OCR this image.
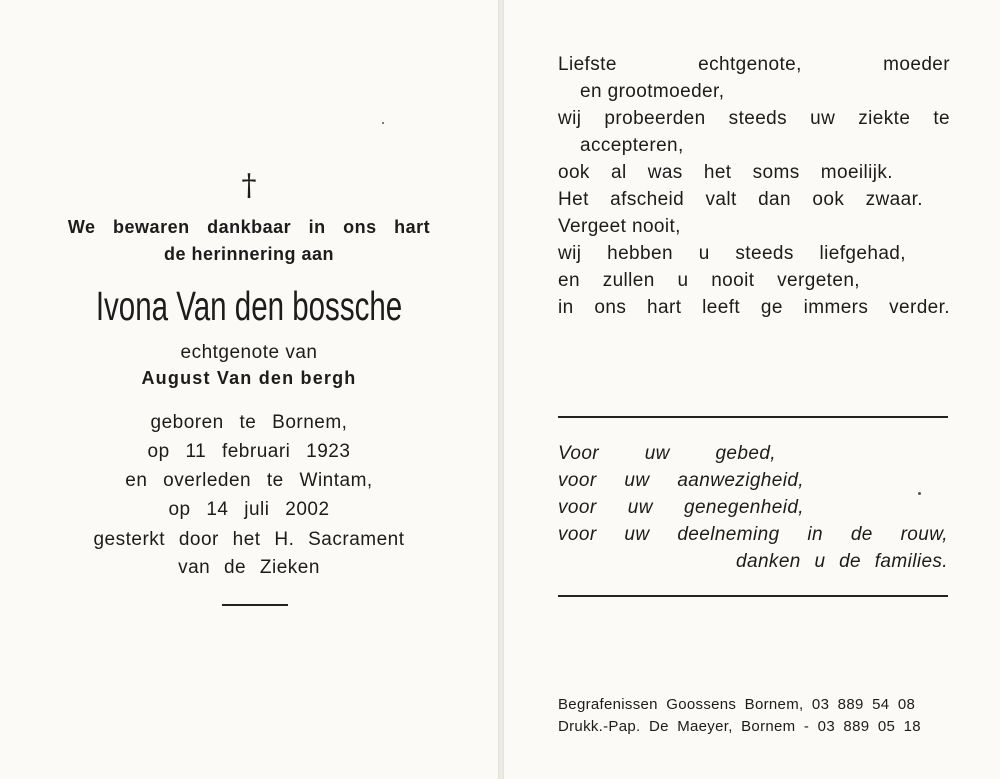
†
We bewaren dankbaar in ons hart
de herinnering aan
Ivona Van den bossche
echtgenote van
August Van den bergh
geboren te Bornem,
op 11 februari 1923
en overleden te Wintam,
op 14 juli 2002
gesterkt door het H. Sacrament
van de Zieken
Liefste	echtgenote,	moeder
en grootmoeder,
wij probeerden steeds uw ziekte te
accepteren,
ook al was het soms moeilijk.
Het afscheid valt dan ook zwaar.
Vergeet nooit,
wij hebben u steeds liefgehad,
en zullen u nooit vergeten,
in ons hart leeft ge immers verder.
Voor uw gebed,
voor uw aanwezigheid,
voor uw genegenheid,
voor uw deelneming in de rouw,
danken u de families.
Begrafenissen Goossens Bornem, 03 889 54 08
Drukk.-Pap. De Maeyer, Bornem - 03 889 05 18
